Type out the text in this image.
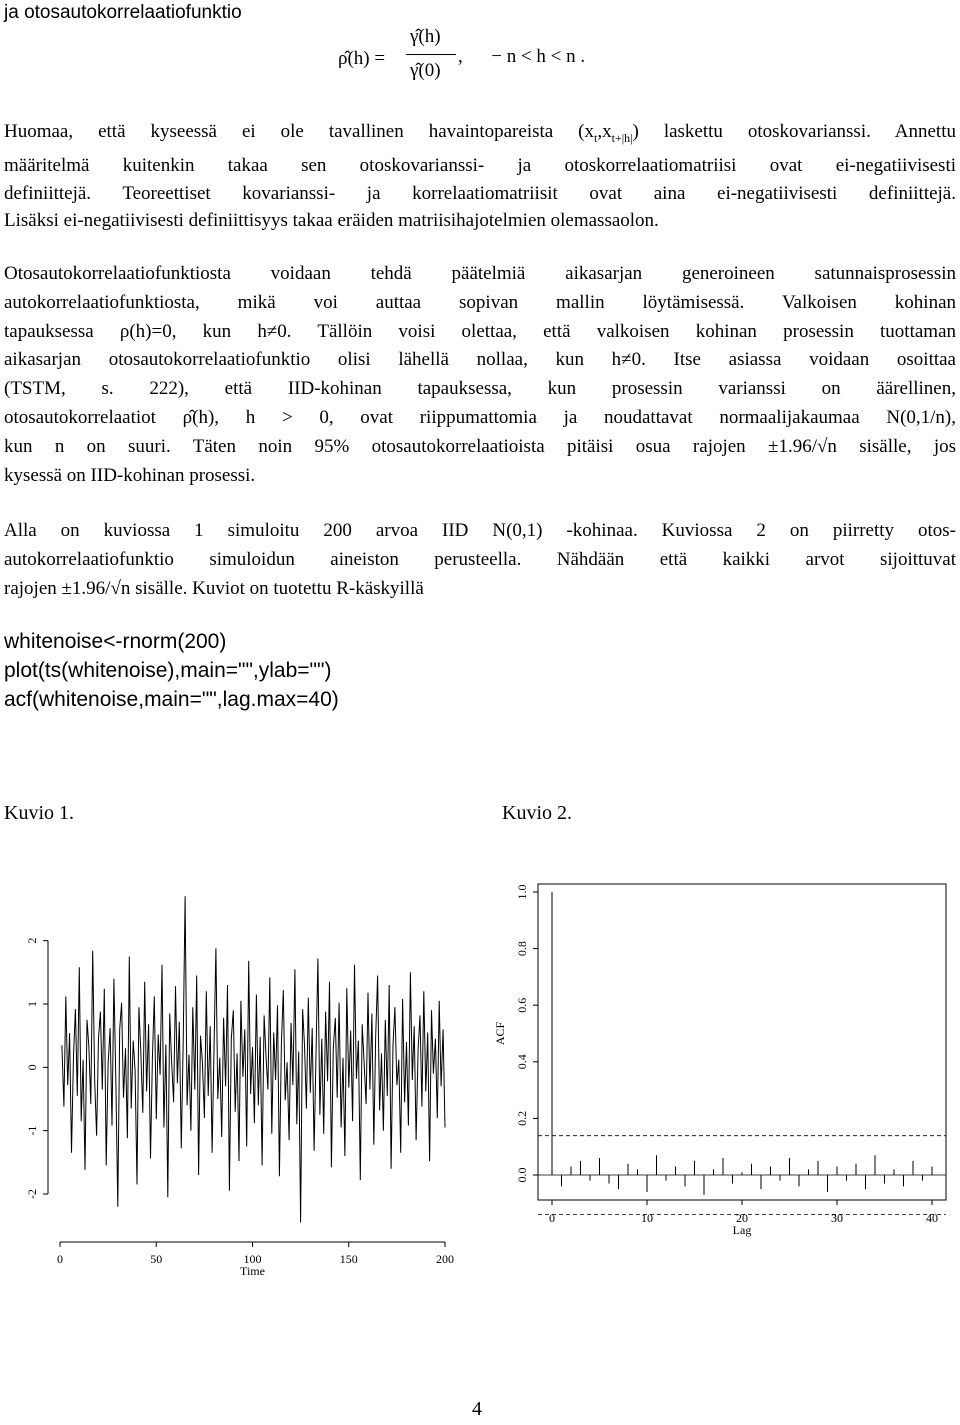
ja otosautokorrelaatiofunktio
ρ̂(h) =
γ̂(h)
γ̂(0)
,      − n < h < n .
Huomaa, että kyseessä ei ole tavallinen havaintopareista $(x_t,x_{t+|h|})$ laskettu otoskovarianssi. Annettu
määritelmä kuitenkin takaa sen otoskovarianssi- ja otoskorrelaatiomatriisi ovat ei-negatiivisesti
definiittejä. Teoreettiset kovarianssi- ja korrelaatiomatriisit ovat aina ei-negatiivisesti definiittejä.
Lisäksi ei-negatiivisesti definiittisyys takaa eräiden matriisihajotelmien olemassaolon.
Otosautokorrelaatiofunktiosta voidaan tehdä päätelmiä aikasarjan generoineen satunnaisprosessin
autokorrelaatiofunktiosta, mikä voi auttaa sopivan mallin löytämisessä. Valkoisen kohinan
tapauksessa ρ(h)=0, kun h≠0. Tällöin voisi olettaa, että valkoisen kohinan prosessin tuottaman
aikasarjan otosautokorrelaatiofunktio olisi lähellä nollaa, kun h≠0. Itse asiassa voidaan osoittaa
(TSTM, s. 222), että IID-kohinan tapauksessa, kun prosessin varianssi on äärellinen,
otosautokorrelaatiot ρ̂(h), h > 0, ovat riippumattomia ja noudattavat normaalijakaumaa N(0,1/n),
kun n on suuri. Täten noin 95% otosautokorrelaatioista pitäisi osua rajojen ±1.96/√n sisälle, jos
kysessä on IID-kohinan prosessi.
Alla on kuviossa 1 simuloitu 200 arvoa IID N(0,1) -kohinaa. Kuviossa 2 on piirretty otos-
autokorrelaatiofunktio simuloidun aineiston perusteella. Nähdään että kaikki arvot sijoittuvat
rajojen ±1.96/√n sisälle. Kuviot on tuotettu R-käskyillä
whitenoise<-rnorm(200)
plot(ts(whitenoise),main="",ylab="")
acf(whitenoise,main="",lag.max=40)
Kuvio 1.	Kuvio 2.
0	50	100	150	200
Time
-2
-1
0
1
2
0	10	20	30	40
Lag
0.0
0.2
0.4
0.6
0.8
1.0
ACF
4
